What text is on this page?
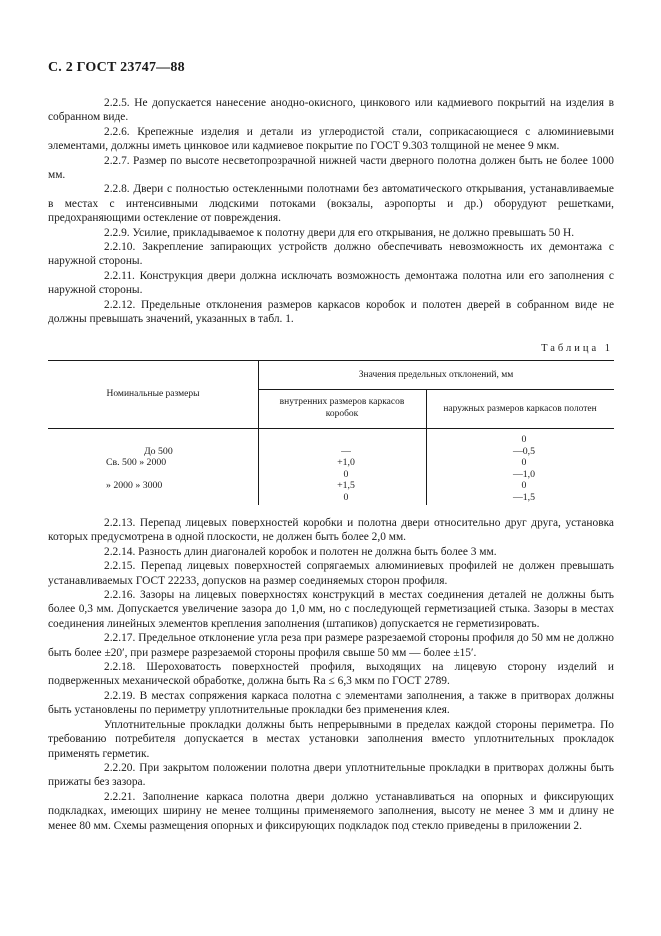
С. 2 ГОСТ 23747—88

2.2.5. Не допускается нанесение анодно-окисного, цинкового или кадмиевого покрытий на изделия в собранном виде.

2.2.6. Крепежные изделия и детали из углеродистой стали, соприкасающиеся с алюминиевыми элементами, должны иметь цинковое или кадмиевое покрытие по ГОСТ 9.303 толщиной не менее 9 мкм.

2.2.7. Размер по высоте несветопрозрачной нижней части дверного полотна должен быть не более 1000 мм.

2.2.8. Двери с полностью остекленными полотнами без автоматического открывания, устанавливаемые в местах с интенсивными людскими потоками (вокзалы, аэропорты и др.) оборудуют решетками, предохраняющими остекление от повреждения.

2.2.9. Усилие, прикладываемое к полотну двери для его открывания, не должно превышать 50 Н.

2.2.10. Закрепление запирающих устройств должно обеспечивать невозможность их демонтажа с наружной стороны.

2.2.11. Конструкция двери должна исключать возможность демонтажа полотна или его заполнения с наружной стороны.

2.2.12. Предельные отклонения размеров каркасов коробок и полотен дверей в собранном виде не должны превышать значений, указанных в табл. 1.

Таблица 1
Номинальные размеры
Значения предельных отклонений, мм
внутренних размеров каркасов коробок	наружных размеров каркасов полотен
До 500
Св. 500 » 2000
» 2000 » 3000
—
+1,0
0
+1,5
0
0
—0,5
0
—1,0
0
—1,5

2.2.13. Перепад лицевых поверхностей коробки и полотна двери относительно друг друга, установка которых предусмотрена в одной плоскости, не должен быть более 2,0 мм.

2.2.14. Разность длин диагоналей коробок и полотен не должна быть более 3 мм.

2.2.15. Перепад лицевых поверхностей сопрягаемых алюминиевых профилей не должен превышать устанавливаемых ГОСТ 22233, допусков на размер соединяемых сторон профиля.

2.2.16. Зазоры на лицевых поверхностях конструкций в местах соединения деталей не должны быть более 0,3 мм. Допускается увеличение зазора до 1,0 мм, но с последующей герметизацией стыка. Зазоры в местах соединения линейных элементов крепления заполнения (штапиков) допускается не герметизировать.

2.2.17. Предельное отклонение угла реза при размере разрезаемой стороны профиля до 50 мм не должно быть более ±20′, при размере разрезаемой стороны профиля свыше 50 мм — более ±15′.

2.2.18. Шероховатость поверхностей профиля, выходящих на лицевую сторону изделий и подверженных механической обработке, должна быть Ra ≤ 6,3 мкм по ГОСТ 2789.

2.2.19. В местах сопряжения каркаса полотна с элементами заполнения, а также в притворах должны быть установлены по периметру уплотнительные прокладки без применения клея.

Уплотнительные прокладки должны быть непрерывными в пределах каждой стороны периметра. По требованию потребителя допускается в местах установки заполнения вместо уплотнительных прокладок применять герметик.

2.2.20. При закрытом положении полотна двери уплотнительные прокладки в притворах должны быть прижаты без зазора.

2.2.21. Заполнение каркаса полотна двери должно устанавливаться на опорных и фиксирующих подкладках, имеющих ширину не менее толщины применяемого заполнения, высоту не менее 3 мм и длину не менее 80 мм. Схемы размещения опорных и фиксирующих подкладок под стекло приведены в приложении 2.
